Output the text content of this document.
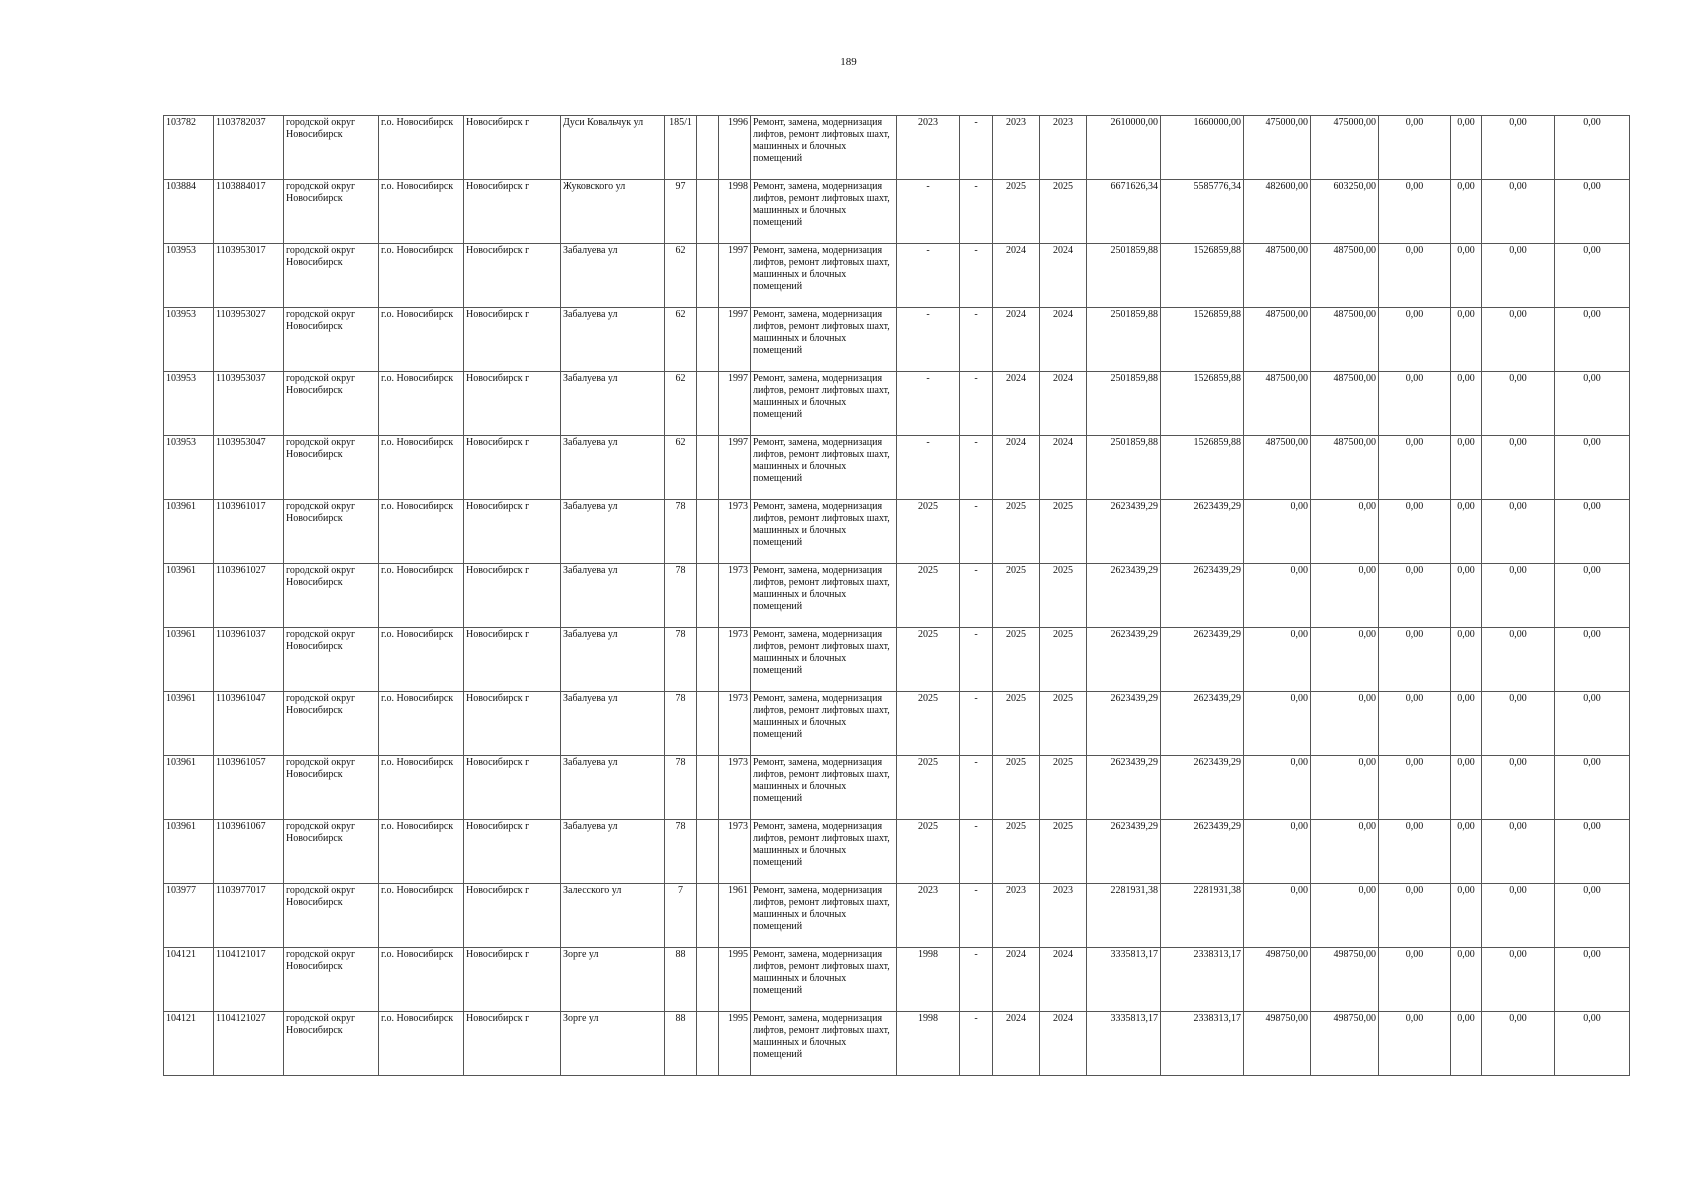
189
103782	1103782037	городской округ Новосибирск	г.о. Новосибирск	Новосибирск г	Дуси Ковальчук ул	185/1		1996	Ремонт, замена, модернизация лифтов, ремонт лифтовых шахт, машинных и блочных помещений	2023	-	2023	2023	2610000,00	1660000,00	475000,00	475000,00	0,00	0,00	0,00	0,00
103884	1103884017	городской округ Новосибирск	г.о. Новосибирск	Новосибирск г	Жуковского ул	97		1998	Ремонт, замена, модернизация лифтов, ремонт лифтовых шахт, машинных и блочных помещений	-	-	2025	2025	6671626,34	5585776,34	482600,00	603250,00	0,00	0,00	0,00	0,00
103953	1103953017	городской округ Новосибирск	г.о. Новосибирск	Новосибирск г	Забалуева ул	62		1997	Ремонт, замена, модернизация лифтов, ремонт лифтовых шахт, машинных и блочных помещений	-	-	2024	2024	2501859,88	1526859,88	487500,00	487500,00	0,00	0,00	0,00	0,00
103953	1103953027	городской округ Новосибирск	г.о. Новосибирск	Новосибирск г	Забалуева ул	62		1997	Ремонт, замена, модернизация лифтов, ремонт лифтовых шахт, машинных и блочных помещений	-	-	2024	2024	2501859,88	1526859,88	487500,00	487500,00	0,00	0,00	0,00	0,00
103953	1103953037	городской округ Новосибирск	г.о. Новосибирск	Новосибирск г	Забалуева ул	62		1997	Ремонт, замена, модернизация лифтов, ремонт лифтовых шахт, машинных и блочных помещений	-	-	2024	2024	2501859,88	1526859,88	487500,00	487500,00	0,00	0,00	0,00	0,00
103953	1103953047	городской округ Новосибирск	г.о. Новосибирск	Новосибирск г	Забалуева ул	62		1997	Ремонт, замена, модернизация лифтов, ремонт лифтовых шахт, машинных и блочных помещений	-	-	2024	2024	2501859,88	1526859,88	487500,00	487500,00	0,00	0,00	0,00	0,00
103961	1103961017	городской округ Новосибирск	г.о. Новосибирск	Новосибирск г	Забалуева ул	78		1973	Ремонт, замена, модернизация лифтов, ремонт лифтовых шахт, машинных и блочных помещений	2025	-	2025	2025	2623439,29	2623439,29	0,00	0,00	0,00	0,00	0,00	0,00
103961	1103961027	городской округ Новосибирск	г.о. Новосибирск	Новосибирск г	Забалуева ул	78		1973	Ремонт, замена, модернизация лифтов, ремонт лифтовых шахт, машинных и блочных помещений	2025	-	2025	2025	2623439,29	2623439,29	0,00	0,00	0,00	0,00	0,00	0,00
103961	1103961037	городской округ Новосибирск	г.о. Новосибирск	Новосибирск г	Забалуева ул	78		1973	Ремонт, замена, модернизация лифтов, ремонт лифтовых шахт, машинных и блочных помещений	2025	-	2025	2025	2623439,29	2623439,29	0,00	0,00	0,00	0,00	0,00	0,00
103961	1103961047	городской округ Новосибирск	г.о. Новосибирск	Новосибирск г	Забалуева ул	78		1973	Ремонт, замена, модернизация лифтов, ремонт лифтовых шахт, машинных и блочных помещений	2025	-	2025	2025	2623439,29	2623439,29	0,00	0,00	0,00	0,00	0,00	0,00
103961	1103961057	городской округ Новосибирск	г.о. Новосибирск	Новосибирск г	Забалуева ул	78		1973	Ремонт, замена, модернизация лифтов, ремонт лифтовых шахт, машинных и блочных помещений	2025	-	2025	2025	2623439,29	2623439,29	0,00	0,00	0,00	0,00	0,00	0,00
103961	1103961067	городской округ Новосибирск	г.о. Новосибирск	Новосибирск г	Забалуева ул	78		1973	Ремонт, замена, модернизация лифтов, ремонт лифтовых шахт, машинных и блочных помещений	2025	-	2025	2025	2623439,29	2623439,29	0,00	0,00	0,00	0,00	0,00	0,00
103977	1103977017	городской округ Новосибирск	г.о. Новосибирск	Новосибирск г	Залесского ул	7		1961	Ремонт, замена, модернизация лифтов, ремонт лифтовых шахт, машинных и блочных помещений	2023	-	2023	2023	2281931,38	2281931,38	0,00	0,00	0,00	0,00	0,00	0,00
104121	1104121017	городской округ Новосибирск	г.о. Новосибирск	Новосибирск г	Зорге ул	88		1995	Ремонт, замена, модернизация лифтов, ремонт лифтовых шахт, машинных и блочных помещений	1998	-	2024	2024	3335813,17	2338313,17	498750,00	498750,00	0,00	0,00	0,00	0,00
104121	1104121027	городской округ Новосибирск	г.о. Новосибирск	Новосибирск г	Зорге ул	88		1995	Ремонт, замена, модернизация лифтов, ремонт лифтовых шахт, машинных и блочных помещений	1998	-	2024	2024	3335813,17	2338313,17	498750,00	498750,00	0,00	0,00	0,00	0,00
